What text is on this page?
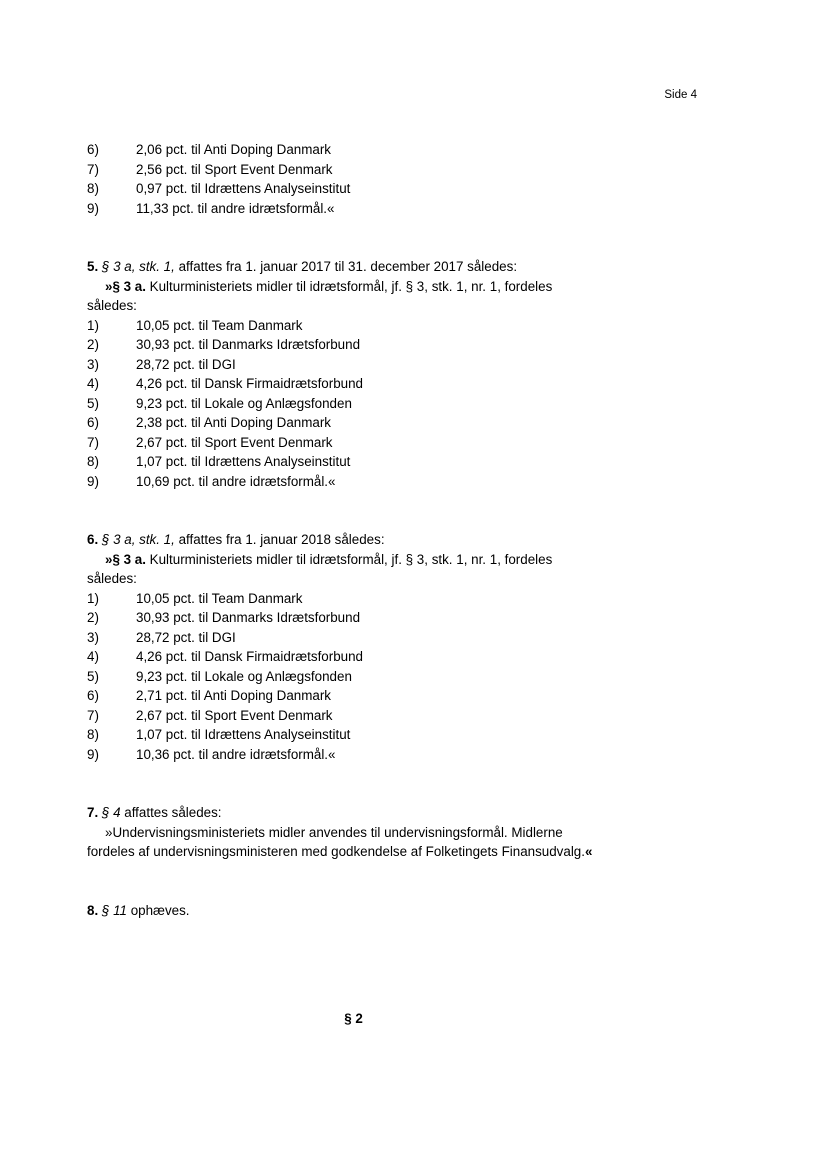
Side 4
6)	2,06 pct. til Anti Doping Danmark
7)	2,56 pct. til Sport Event Denmark
8)	0,97 pct. til Idrættens Analyseinstitut
9)	11,33 pct. til andre idrætsformål.«
5. § 3 a, stk. 1, affattes fra 1. januar 2017 til 31. december 2017 således:
»§ 3 a. Kulturministeriets midler til idrætsformål, jf. § 3, stk. 1, nr. 1, fordeles
således:
1)	10,05 pct. til Team Danmark
2)	30,93 pct. til Danmarks Idrætsforbund
3)	28,72 pct. til DGI
4)	4,26 pct. til Dansk Firmaidrætsforbund
5)	9,23 pct. til Lokale og Anlægsfonden
6)	2,38 pct. til Anti Doping Danmark
7)	2,67 pct. til Sport Event Denmark
8)	1,07 pct. til Idrættens Analyseinstitut
9)	10,69 pct. til andre idrætsformål.«
6. § 3 a, stk. 1, affattes fra 1. januar 2018 således:
»§ 3 a. Kulturministeriets midler til idrætsformål, jf. § 3, stk. 1, nr. 1, fordeles
således:
1)	10,05 pct. til Team Danmark
2)	30,93 pct. til Danmarks Idrætsforbund
3)	28,72 pct. til DGI
4)	4,26 pct. til Dansk Firmaidrætsforbund
5)	9,23 pct. til Lokale og Anlægsfonden
6)	2,71 pct. til Anti Doping Danmark
7)	2,67 pct. til Sport Event Denmark
8)	1,07 pct. til Idrættens Analyseinstitut
9)	10,36 pct. til andre idrætsformål.«
7. § 4 affattes således:
»Undervisningsministeriets midler anvendes til undervisningsformål. Midlerne
fordeles af undervisningsministeren med godkendelse af Folketingets Finansudvalg.«
8. § 11 ophæves.
§ 2
